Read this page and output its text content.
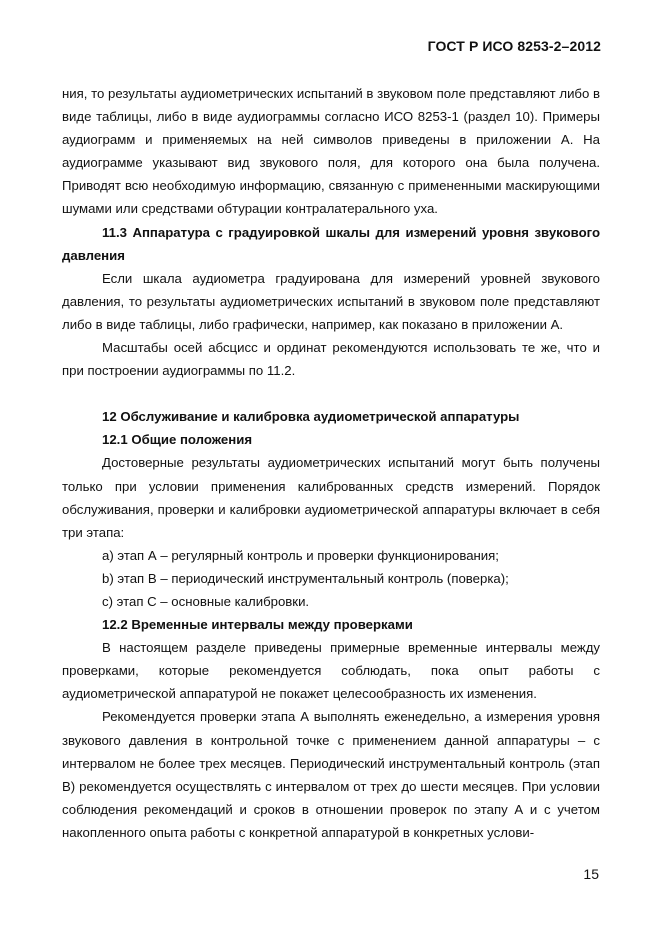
ГОСТ Р ИСО 8253-2–2012

ния, то результаты аудиометрических испытаний в звуковом поле представляют либо в виде таблицы, либо в виде аудиограммы согласно ИСО 8253-1 (раздел 10). Примеры аудиограмм и применяемых на ней символов приведены в приложении А. На аудиограмме указывают вид звукового поля, для которого она была получена. Приводят всю необходимую информацию, связанную с примененными маскирующими шумами или средствами обтурации контралатерального уха.

11.3 Аппаратура с градуировкой шкалы для измерений уровня звукового давления

Если шкала аудиометра градуирована для измерений уровней звукового давления, то результаты аудиометрических испытаний в звуковом поле представляют либо в виде таблицы, либо графически, например, как показано в приложении А.

Масштабы осей абсцисс и ординат рекомендуются использовать те же, что и при построении аудиограммы по 11.2.

12 Обслуживание и калибровка аудиометрической аппаратуры

12.1 Общие положения

Достоверные результаты аудиометрических испытаний могут быть получены только при условии применения калиброванных средств измерений. Порядок обслуживания, проверки и калибровки аудиометрической аппаратуры включает в себя три этапа:

a) этап А – регулярный контроль и проверки функционирования;

b) этап В – периодический инструментальный контроль (поверка);

c) этап С – основные калибровки.

12.2 Временные интервалы между проверками

В настоящем разделе приведены примерные временные интервалы между проверками, которые рекомендуется соблюдать, пока опыт работы с аудиометрической аппаратурой не покажет целесообразность их изменения.

Рекомендуется проверки этапа А выполнять еженедельно, а измерения уровня звукового давления в контрольной точке с применением данной аппаратуры – с интервалом не более трех месяцев. Периодический инструментальный контроль (этап В) рекомендуется осуществлять с интервалом от трех до шести месяцев. При условии соблюдения рекомендаций и сроков в отношении проверок по этапу А и с учетом накопленного опыта работы с конкретной аппаратурой в конкретных услови-

15
